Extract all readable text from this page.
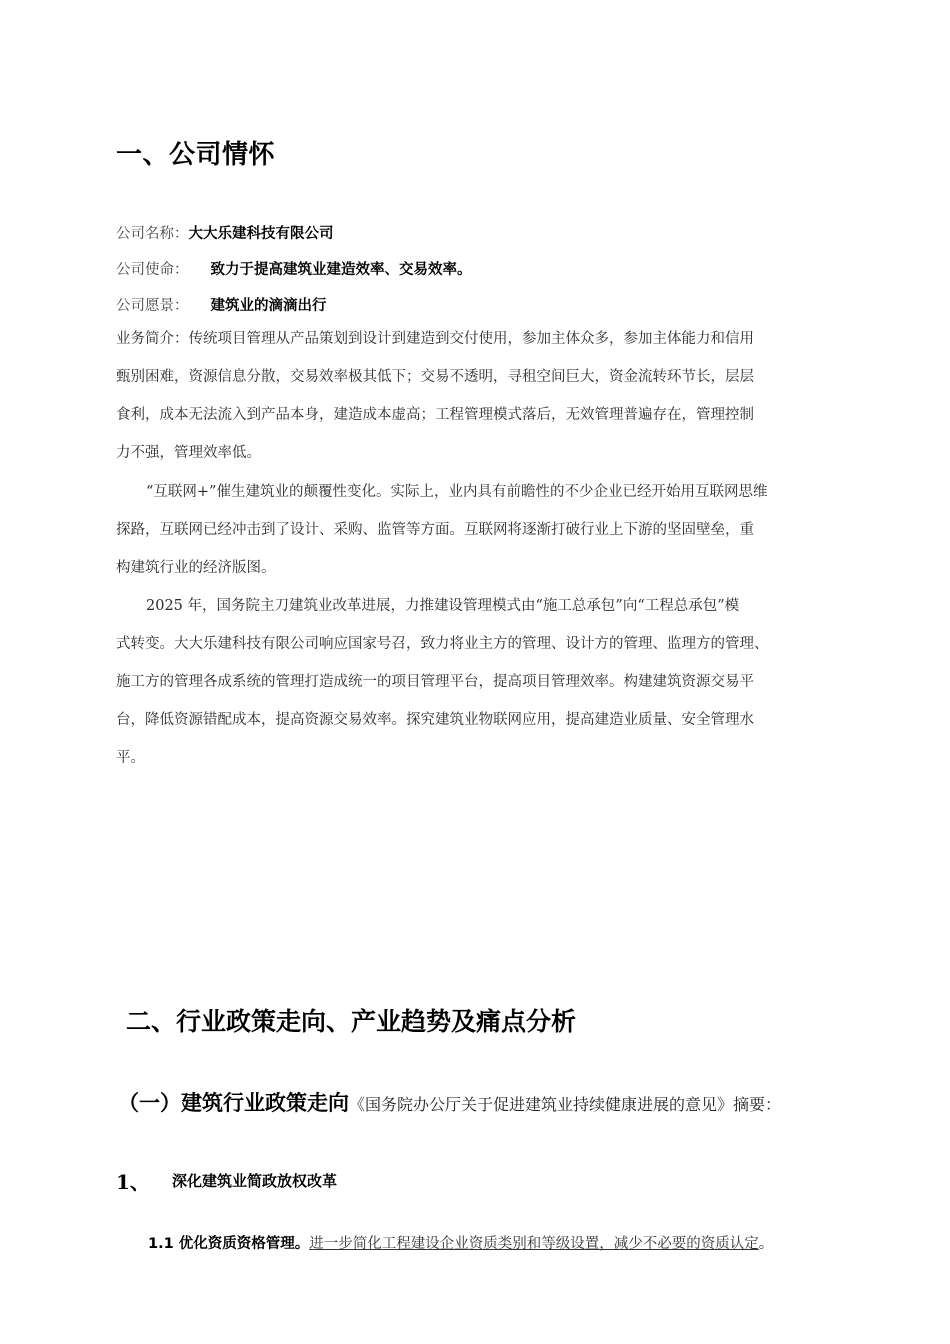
一、公司情怀
公司名称：大大乐建科技有限公司
公司使命： 致力于提高建筑业建造效率、交易效率。
公司愿景： 建筑业的滴滴出行
业务简介：传统项目管理从产品策划到设计到建造到交付使用，参加主体众多，参加主体能力和信用
甄别困难，资源信息分散，交易效率极其低下；交易不透明，寻租空间巨大，资金流转环节长，层层
食利，成本无法流入到产品本身，建造成本虚高；工程管理模式落后，无效管理普遍存在，管理控制
力不强，管理效率低。
“互联网+”催生建筑业的颠覆性变化。实际上，业内具有前瞻性的不少企业已经开始用互联网思维
探路，互联网已经冲击到了设计、采购、监管等方面。互联网将逐渐打破行业上下游的坚固壁垒，重
构建筑行业的经济版图。
2025 年，国务院主刀建筑业改革进展，力推建设管理模式由“施工总承包”向“工程总承包”模
式转变。大大乐建科技有限公司响应国家号召，致力将业主方的管理、设计方的管理、监理方的管理、
施工方的管理各成系统的管理打造成统一的项目管理平台，提高项目管理效率。构建建筑资源交易平
台，降低资源错配成本，提高资源交易效率。探究建筑业物联网应用，提高建造业质量、安全管理水
平。
二、行业政策走向、产业趋势及痛点分析
（一）建筑行业政策走向《国务院办公厅关于促进建筑业持续健康进展的意见》摘要：
1、 深化建筑业简政放权改革
1.1 优化资质资格管理。进一步简化工程建设企业资质类别和等级设置，减少不必要的资质认定。
